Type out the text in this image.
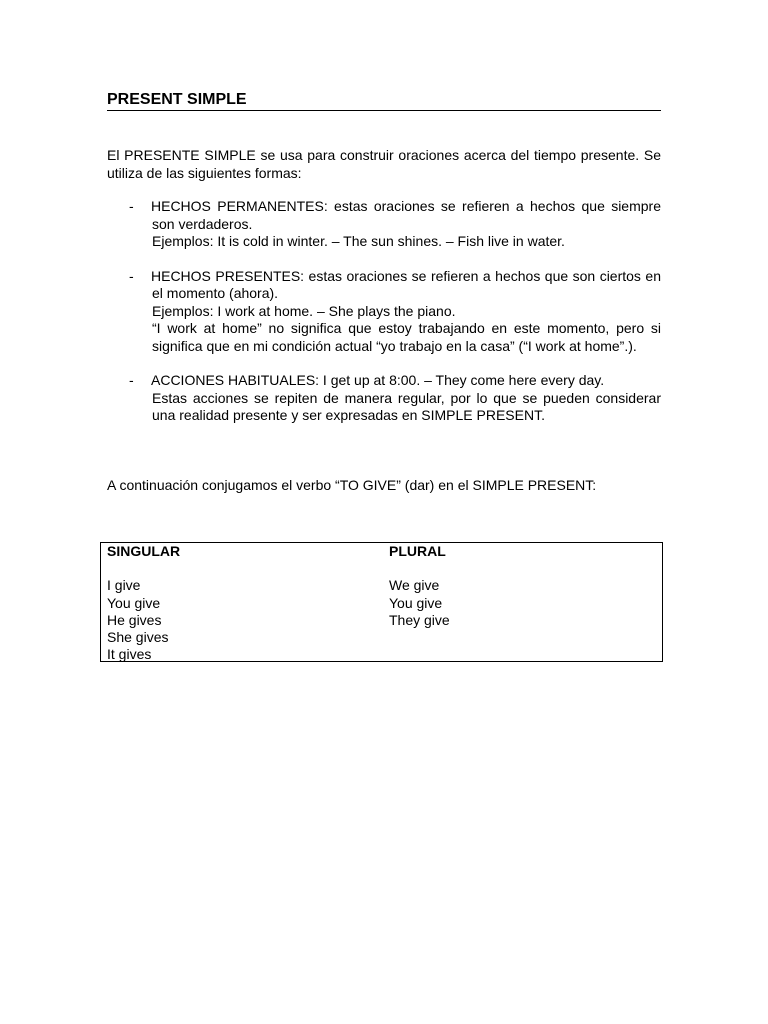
PRESENT SIMPLE

El PRESENTE SIMPLE se usa para construir oraciones acerca del tiempo presente. Se utiliza de las siguientes formas:

- HECHOS PERMANENTES: estas oraciones se refieren a hechos que siempre son verdaderos.

Ejemplos: It is cold in winter. – The sun shines. – Fish live in water.

- HECHOS PRESENTES: estas oraciones se refieren a hechos que son ciertos en el momento (ahora).

Ejemplos: I work at home. – She plays the piano.

“I work at home” no significa que estoy trabajando en este momento, pero si significa que en mi condición actual “yo trabajo en la casa” (“I work at home”.).

- ACCIONES HABITUALES: I get up at 8:00. – They come here every day.

Estas acciones se repiten de manera regular, por lo que se pueden considerar una realidad presente y ser expresadas en SIMPLE PRESENT.

A continuación conjugamos el verbo “TO GIVE” (dar) en el SIMPLE PRESENT:

SINGULAR

I give

You give

He gives

She gives

It gives

PLURAL

We give

You give

They give
